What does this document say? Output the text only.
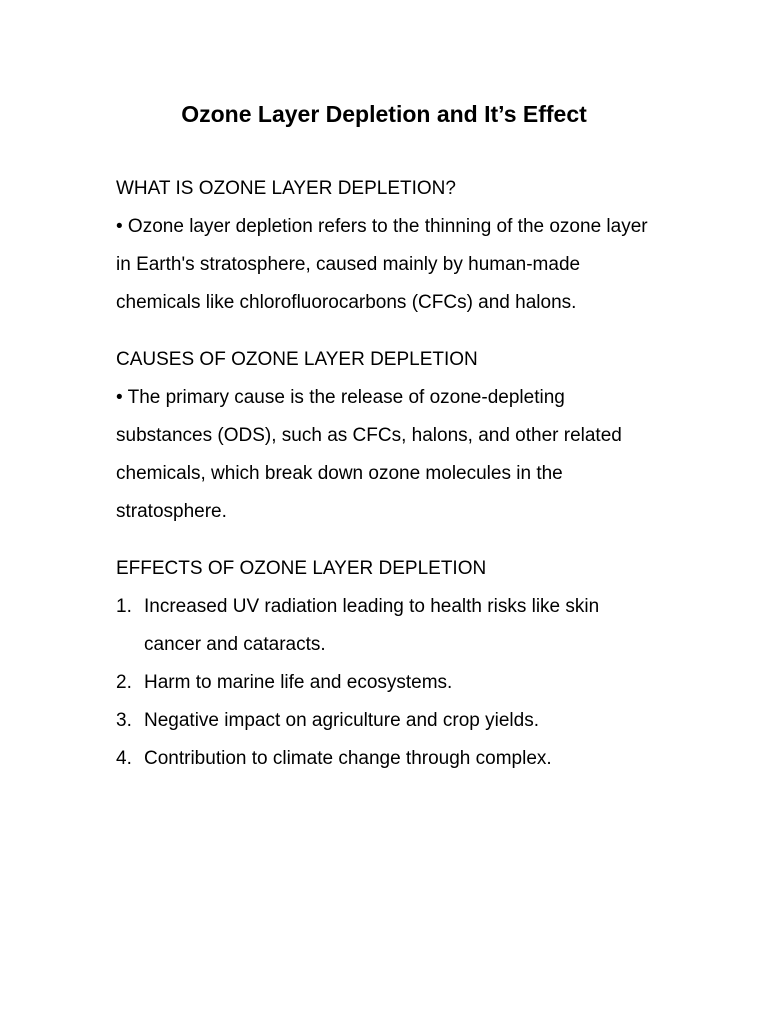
Ozone Layer Depletion and It’s Effect
WHAT IS OZONE LAYER DEPLETION?

• Ozone layer depletion refers to the thinning of the ozone layer in Earth's stratosphere, caused mainly by human-made chemicals like chlorofluorocarbons (CFCs) and halons.

CAUSES OF OZONE LAYER DEPLETION

• The primary cause is the release of ozone-depleting substances (ODS), such as CFCs, halons, and other related chemicals, which break down ozone molecules in the stratosphere.

EFFECTS OF OZONE LAYER DEPLETION
1. Increased UV radiation leading to health risks like skin cancer and cataracts.
2. Harm to marine life and ecosystems.
3. Negative impact on agriculture and crop yields.
4. Contribution to climate change through complex.
